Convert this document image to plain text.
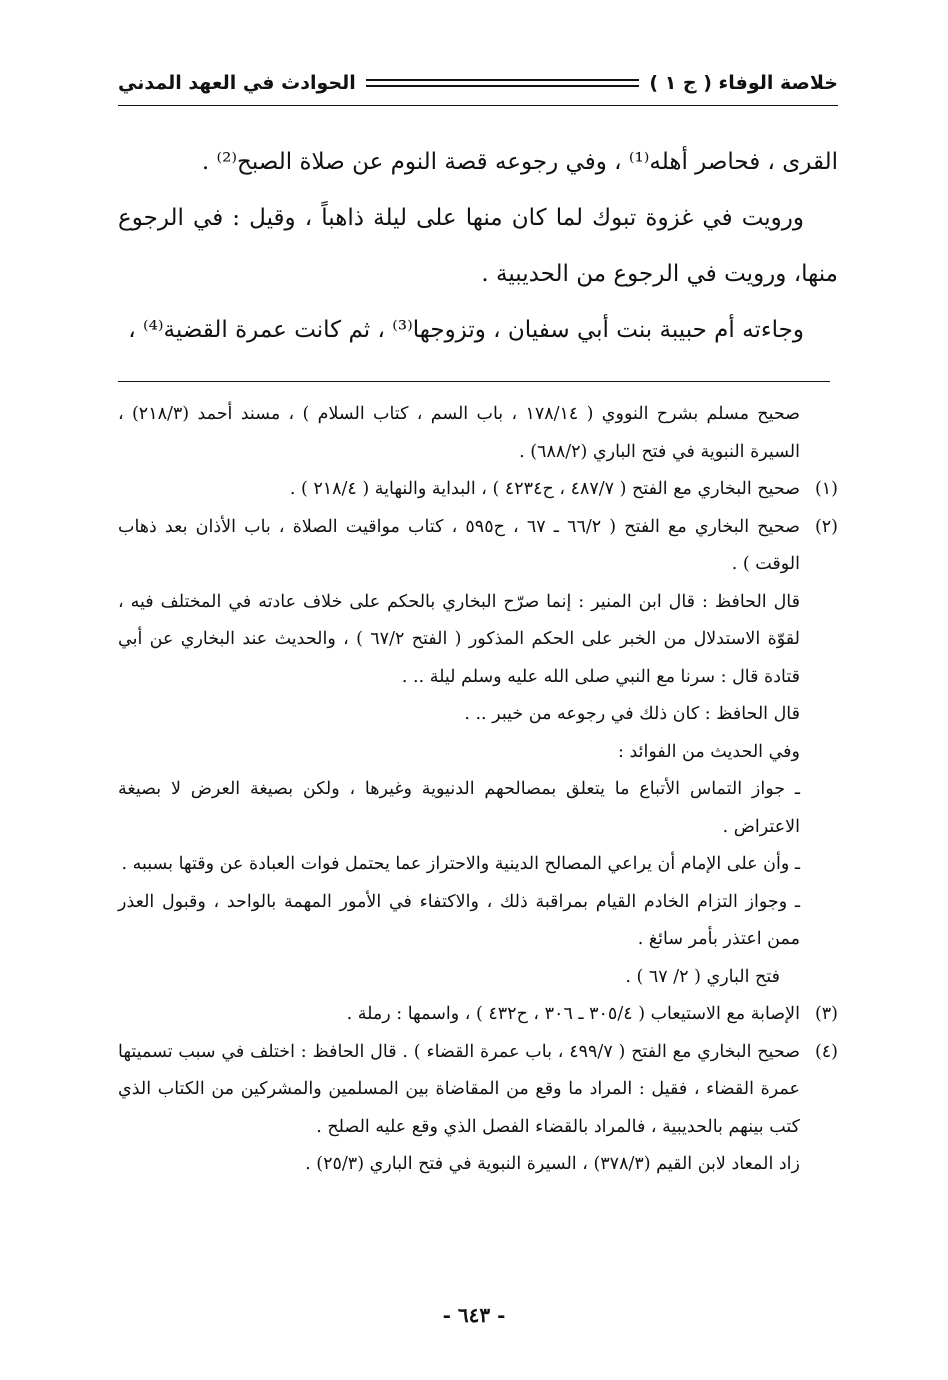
خلاصة الوفاء ( ج ١ )
الحوادث في العهد المدني

القرى ، فحاصر أهله⁽¹⁾ ، وفي رجوعه قصة النوم عن صلاة الصبح⁽²⁾ .

ورويت في غزوة تبوك لما كان منها على ليلة ذاهباً ، وقيل : في الرجوع منها، ورويت في الرجوع من الحديبية .

وجاءته أم حبيبة بنت أبي سفيان ، وتزوجها⁽³⁾ ، ثم كانت عمرة القضية⁽⁴⁾ ،

صحيح مسلم بشرح النووي ( ١٧٨/١٤ ، باب السم ، كتاب السلام ) ، مسند أحمد (٢١٨/٣) ، السيرة النبوية في فتح الباري (٦٨٨/٢) .

(١)
صحيح البخاري مع الفتح ( ٤٨٧/٧ ، ح٤٢٣٤ ) ، البداية والنهاية ( ٢١٨/٤ ) .

(٢)
صحيح البخاري مع الفتح ( ٦٦/٢ ـ ٦٧ ، ح٥٩٥ ، كتاب مواقيت الصلاة ، باب الأذان بعد ذهاب الوقت ) .

قال الحافظ : قال ابن المنير : إنما صرّح البخاري بالحكم على خلاف عادته في المختلف فيه ، لقوّة الاستدلال من الخبر على الحكم المذكور ( الفتح ٦٧/٢ ) ، والحديث عند البخاري عن أبي قتادة قال : سرنا مع النبي صلى الله عليه وسلم ليلة .. .

قال الحافظ : كان ذلك في رجوعه من خيبر .. .

وفي الحديث من الفوائد :

ـ جواز التماس الأتباع ما يتعلق بمصالحهم الدنيوية وغيرها ، ولكن بصيغة العرض لا بصيغة الاعتراض .

ـ وأن على الإمام أن يراعي المصالح الدينية والاحتراز عما يحتمل فوات العبادة عن وقتها بسببه .

ـ وجواز التزام الخادم القيام بمراقبة ذلك ، والاكتفاء في الأمور المهمة بالواحد ، وقبول العذر ممن اعتذر بأمر سائغ .

فتح الباري ( ٢/ ٦٧ ) .

(٣)
الإصابة مع الاستيعاب ( ٣٠٥/٤ ـ ٣٠٦ ، ح٤٣٢ ) ، واسمها : رملة .

(٤)
صحيح البخاري مع الفتح ( ٤٩٩/٧ ، باب عمرة القضاء ) . قال الحافظ : اختلف في سبب تسميتها عمرة القضاء ، فقيل : المراد ما وقع من المقاضاة بين المسلمين والمشركين من الكتاب الذي كتب بينهم بالحديبية ، فالمراد بالقضاء الفصل الذي وقع عليه الصلح .

زاد المعاد لابن القيم (٣٧٨/٣) ، السيرة النبوية في فتح الباري (٢٥/٣) .

- ٦٤٣ -
